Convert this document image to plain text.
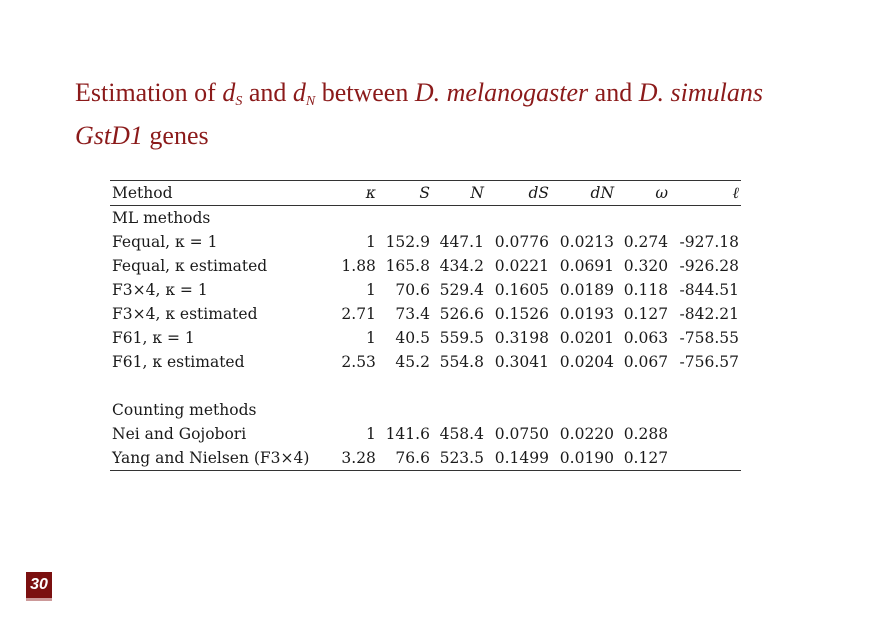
Estimation of $d_S$ and $d_N$ between D. melanogaster and D. simulans GstD1 genes
Method	κ	S	N	dS	dN	ω	ℓ
ML methods							
Fequal, κ = 1	1	152.9	447.1	0.0776	0.0213	0.274	-927.18
Fequal, κ estimated	1.88	165.8	434.2	0.0221	0.0691	0.320	-926.28
F3×4, κ = 1	1	70.6	529.4	0.1605	0.0189	0.118	-844.51
F3×4, κ estimated	2.71	73.4	526.6	0.1526	0.0193	0.127	-842.21
F61, κ = 1	1	40.5	559.5	0.3198	0.0201	0.063	-758.55
F61, κ estimated	2.53	45.2	554.8	0.3041	0.0204	0.067	-756.57

Counting methods							
Nei and Gojobori	1	141.6	458.4	0.0750	0.0220	0.288	
Yang and Nielsen (F3×4)	3.28	76.6	523.5	0.1499	0.0190	0.127	
30
